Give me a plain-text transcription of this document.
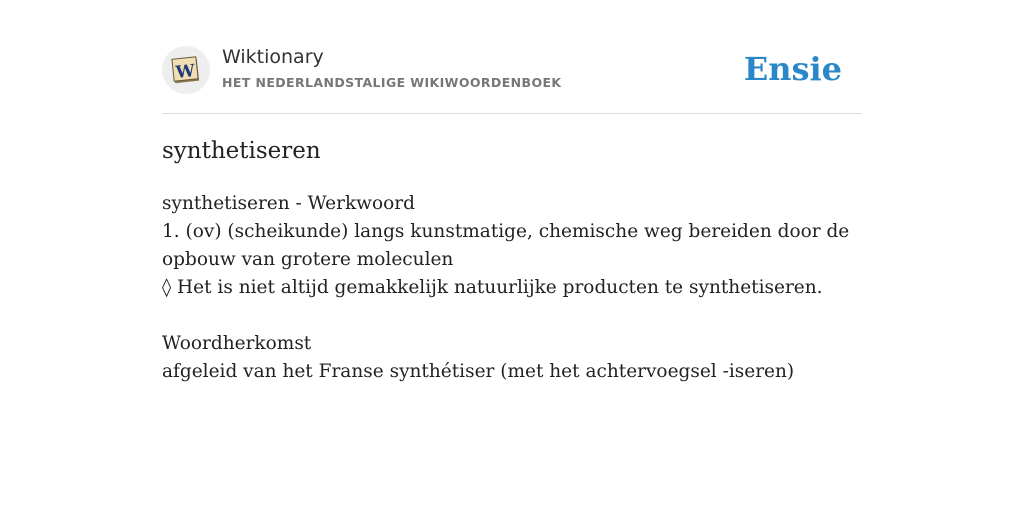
W
Wiktionary
HET NEDERLANDSTALIGE WIKIWOORDENBOEK	Ensie
synthetiseren

synthetiseren - Werkwoord

1. (ov) (scheikunde) langs kunstmatige, chemische weg bereiden door de opbouw van grotere moleculen

◊ Het is niet altijd gemakkelijk natuurlijke producten te synthetiseren.

Woordherkomst

afgeleid van het Franse synthétiser (met het achtervoegsel -iseren)
